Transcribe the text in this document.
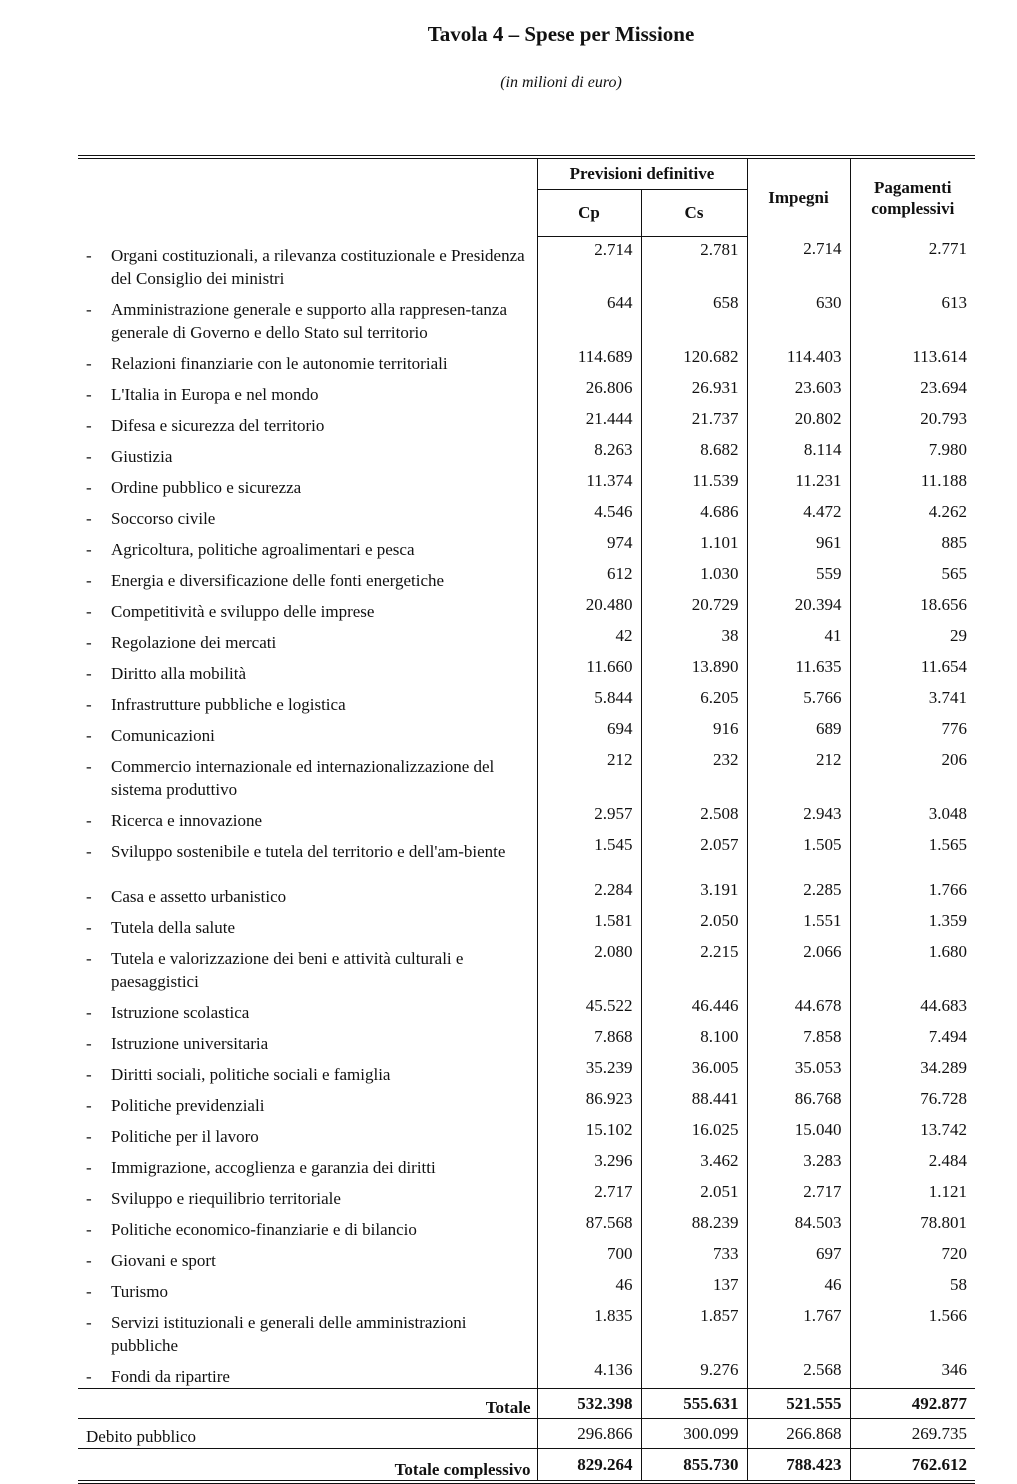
Tavola 4 – Spese per Missione
(in milioni di euro)
	Previsioni definitive		Impegni	Pagamenti complessivi
	Cp	Cs		
- Organi costituzionali, a rilevanza costituzionale e Presidenza del Consiglio dei ministri	2.714	2.781	2.714	2.771
- Amministrazione generale e supporto alla rappresen-tanza generale di Governo e dello Stato sul territorio	644	658	630	613
- Relazioni finanziarie con le autonomie territoriali	114.689	120.682	114.403	113.614
- L'Italia in Europa e nel mondo	26.806	26.931	23.603	23.694
- Difesa e sicurezza del territorio	21.444	21.737	20.802	20.793
- Giustizia	8.263	8.682	8.114	7.980
- Ordine pubblico e sicurezza	11.374	11.539	11.231	11.188
- Soccorso civile	4.546	4.686	4.472	4.262
- Agricoltura, politiche agroalimentari e pesca	974	1.101	961	885
- Energia e diversificazione delle fonti energetiche	612	1.030	559	565
- Competitività e sviluppo delle imprese	20.480	20.729	20.394	18.656
- Regolazione dei mercati	42	38	41	29
- Diritto alla mobilità	11.660	13.890	11.635	11.654
- Infrastrutture pubbliche e logistica	5.844	6.205	5.766	3.741
- Comunicazioni	694	916	689	776
- Commercio internazionale ed internazionalizzazione del sistema produttivo	212	232	212	206
- Ricerca e innovazione	2.957	2.508	2.943	3.048
- Sviluppo sostenibile e tutela del territorio e dell'am-biente	1.545	2.057	1.505	1.565
- Casa e assetto urbanistico	2.284	3.191	2.285	1.766
- Tutela della salute	1.581	2.050	1.551	1.359
- Tutela e valorizzazione dei beni e attività culturali e paesaggistici	2.080	2.215	2.066	1.680
- Istruzione scolastica	45.522	46.446	44.678	44.683
- Istruzione universitaria	7.868	8.100	7.858	7.494
- Diritti sociali, politiche sociali e famiglia	35.239	36.005	35.053	34.289
- Politiche previdenziali	86.923	88.441	86.768	76.728
- Politiche per il lavoro	15.102	16.025	15.040	13.742
- Immigrazione, accoglienza e garanzia dei diritti	3.296	3.462	3.283	2.484
- Sviluppo e riequilibrio territoriale	2.717	2.051	2.717	1.121
- Politiche economico-finanziarie e di bilancio	87.568	88.239	84.503	78.801
- Giovani e sport	700	733	697	720
- Turismo	46	137	46	58
- Servizi istituzionali e generali delle amministrazioni pubbliche	1.835	1.857	1.767	1.566
- Fondi da ripartire	4.136	9.276	2.568	346
Totale	532.398	555.631	521.555	492.877
Debito pubblico	296.866	300.099	266.868	269.735
Totale complessivo	829.264	855.730	788.423	762.612
